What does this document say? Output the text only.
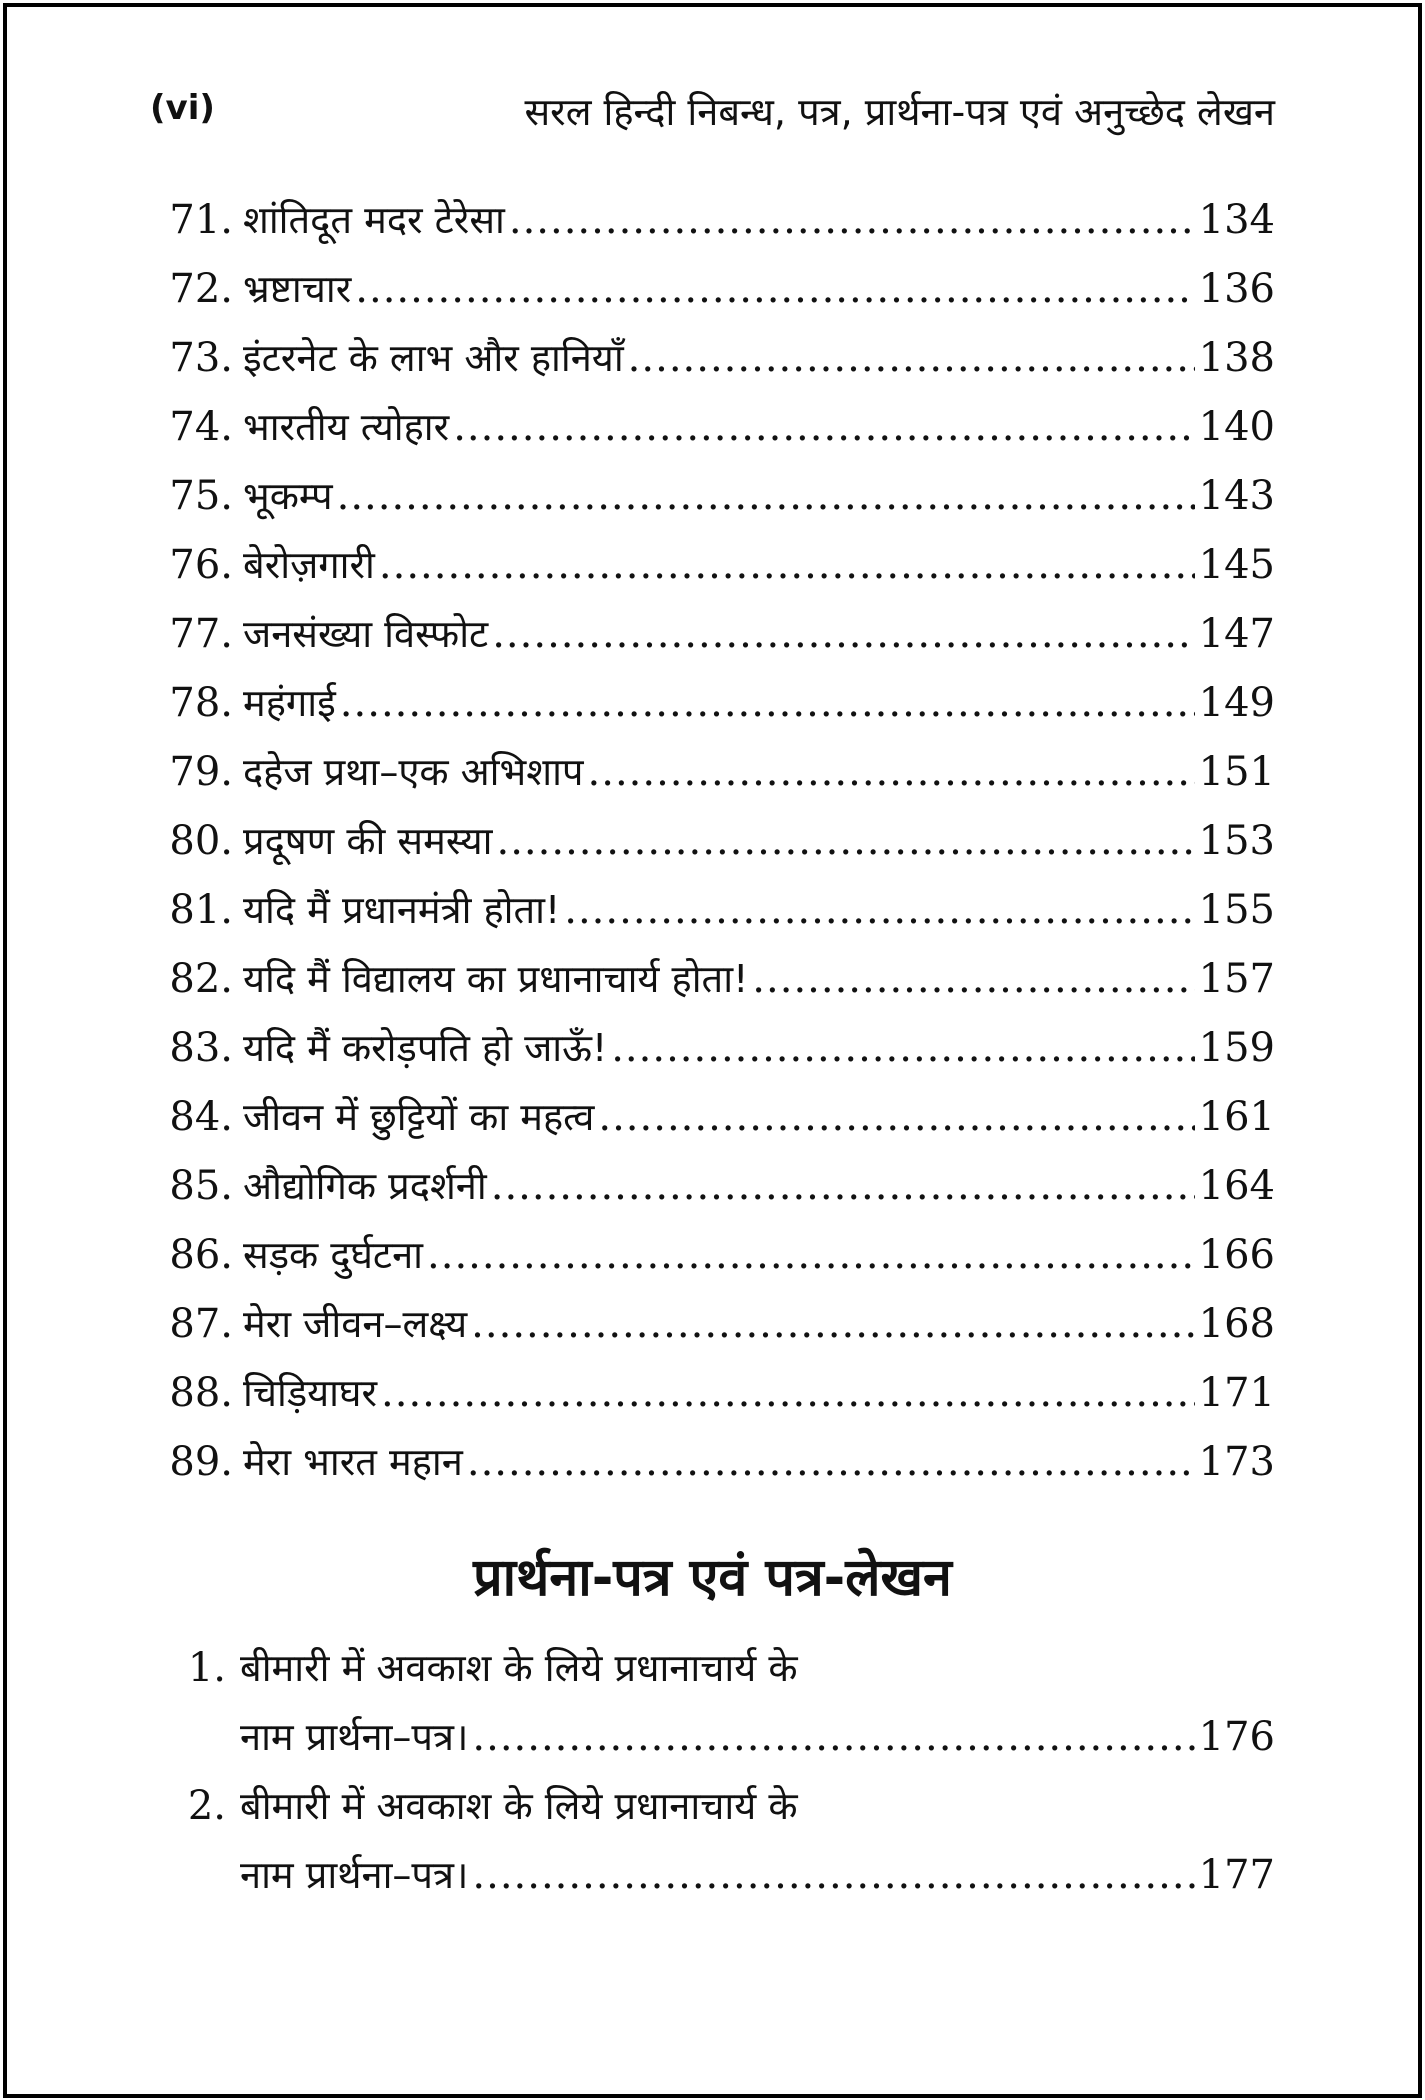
(vi)	सरल हिन्दी निबन्ध, पत्र, प्रार्थना-पत्र एवं अनुच्छेद लेखन
71. शांतिदूत मदर टेरेसा .....	134
72. भ्रष्टाचार .....	136
73. इंटरनेट के लाभ और हानियाँ .....	138
74. भारतीय त्योहार .....	140
75. भूकम्प .....	143
76. बेरोज़गारी .....	145
77. जनसंख्या विस्फोट .....	147
78. महंगाई .....	149
79. दहेज प्रथा–एक अभिशाप .....	151
80. प्रदूषण की समस्या .....	153
81. यदि मैं प्रधानमंत्री होता! .....	155
82. यदि मैं विद्यालय का प्रधानाचार्य होता! .....	157
83. यदि मैं करोड़पति हो जाऊँ! .....	159
84. जीवन में छुट्टियों का महत्व .....	161
85. औद्योगिक प्रदर्शनी .....	164
86. सड़क दुर्घटना .....	166
87. मेरा जीवन–लक्ष्य .....	168
88. चिड़ियाघर .....	171
89. मेरा भारत महान .....	173
प्रार्थना-पत्र एवं पत्र-लेखन
1. बीमारी में अवकाश के लिये प्रधानाचार्य के
नाम प्रार्थना–पत्र। .....	176
2. बीमारी में अवकाश के लिये प्रधानाचार्य के
नाम प्रार्थना–पत्र। .....	177
